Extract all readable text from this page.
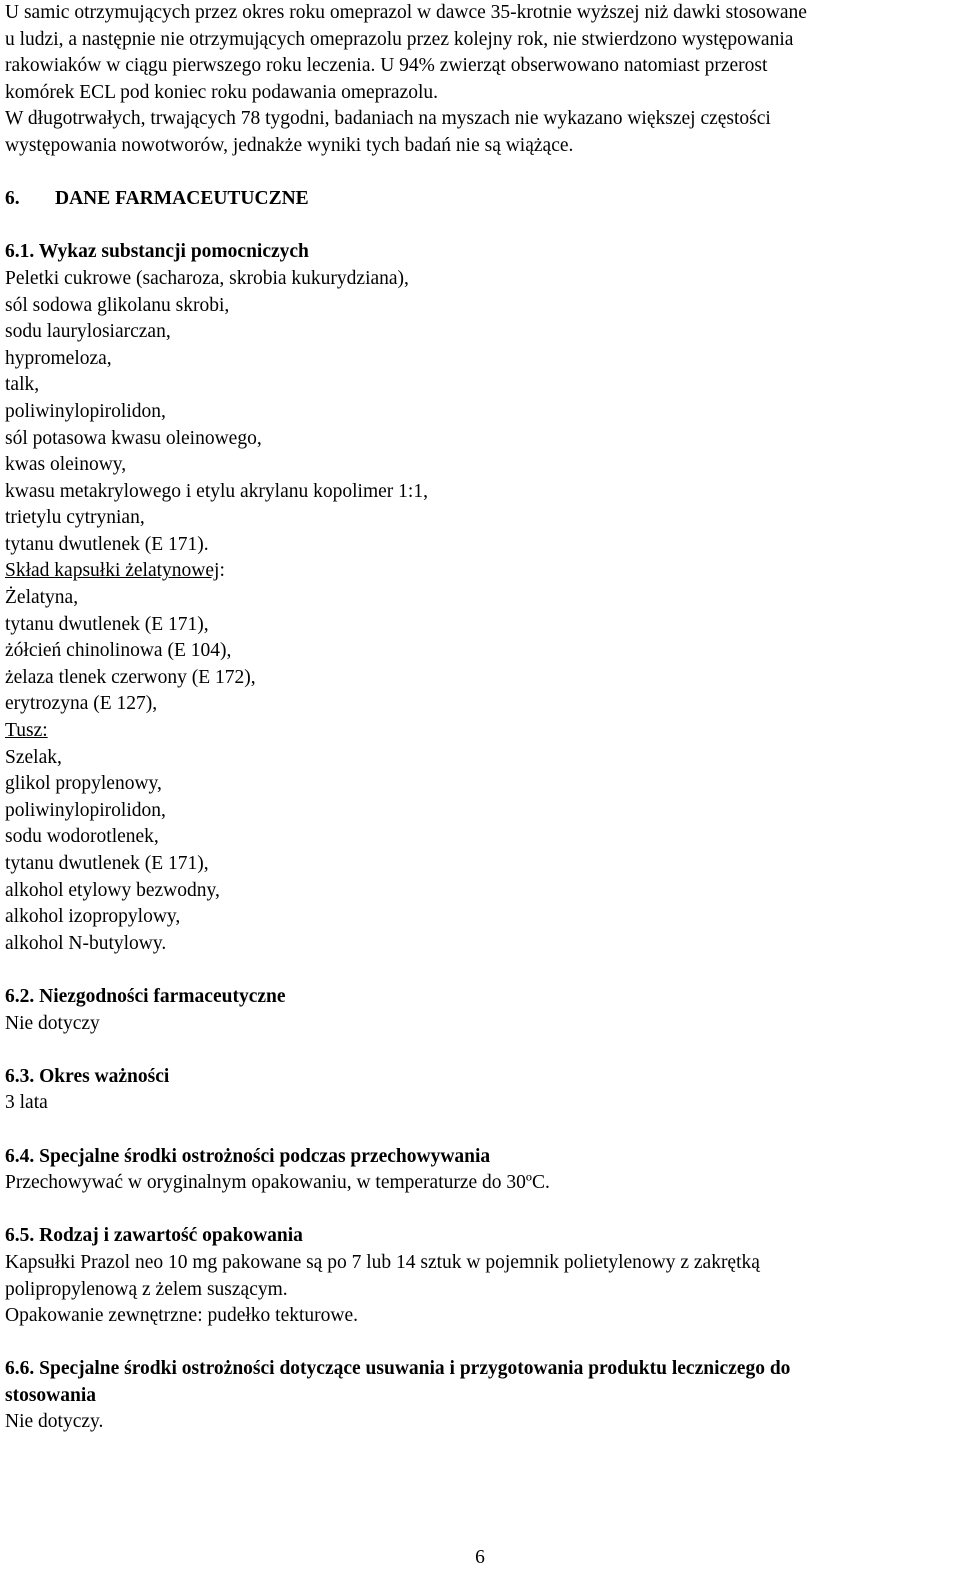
U samic otrzymujących przez okres roku omeprazol w dawce 35-krotnie wyższej niż dawki stosowane
u ludzi, a następnie nie otrzymujących omeprazolu przez kolejny rok, nie stwierdzono występowania
rakowiaków w ciągu pierwszego roku leczenia. U 94% zwierząt obserwowano natomiast przerost
komórek ECL pod koniec roku podawania omeprazolu.
W długotrwałych, trwających 78 tygodni, badaniach na myszach nie wykazano większej częstości
występowania nowotworów, jednakże wyniki tych badań nie są wiążące.
6. DANE FARMACEUTUCZNE
6.1. Wykaz substancji pomocniczych
Peletki cukrowe (sacharoza, skrobia kukurydziana),
sól sodowa glikolanu skrobi,
sodu laurylosiarczan,
hypromeloza,
talk,
poliwinylopirolidon,
sól potasowa kwasu oleinowego,
kwas oleinowy,
kwasu metakrylowego i etylu akrylanu kopolimer 1:1,
trietylu cytrynian,
tytanu dwutlenek (E 171).
Skład kapsułki żelatynowej:
Żelatyna,
tytanu dwutlenek (E 171),
żółcień chinolinowa (E 104),
żelaza tlenek czerwony (E 172),
erytrozyna (E 127),
Tusz:
Szelak,
glikol propylenowy,
poliwinylopirolidon,
sodu wodorotlenek,
tytanu dwutlenek (E 171),
alkohol etylowy bezwodny,
alkohol izopropylowy,
alkohol N-butylowy.
6.2. Niezgodności farmaceutyczne
Nie dotyczy
6.3. Okres ważności
3 lata
6.4. Specjalne środki ostrożności podczas przechowywania
Przechowywać w oryginalnym opakowaniu, w temperaturze do 30ºC.
6.5. Rodzaj i zawartość opakowania
Kapsułki Prazol neo 10 mg pakowane są po 7 lub 14 sztuk w pojemnik polietylenowy z zakrętką
polipropylenową z żelem suszącym.
Opakowanie zewnętrzne: pudełko tekturowe.
6.6. Specjalne środki ostrożności dotyczące usuwania i przygotowania produktu leczniczego do
stosowania
Nie dotyczy.
6
